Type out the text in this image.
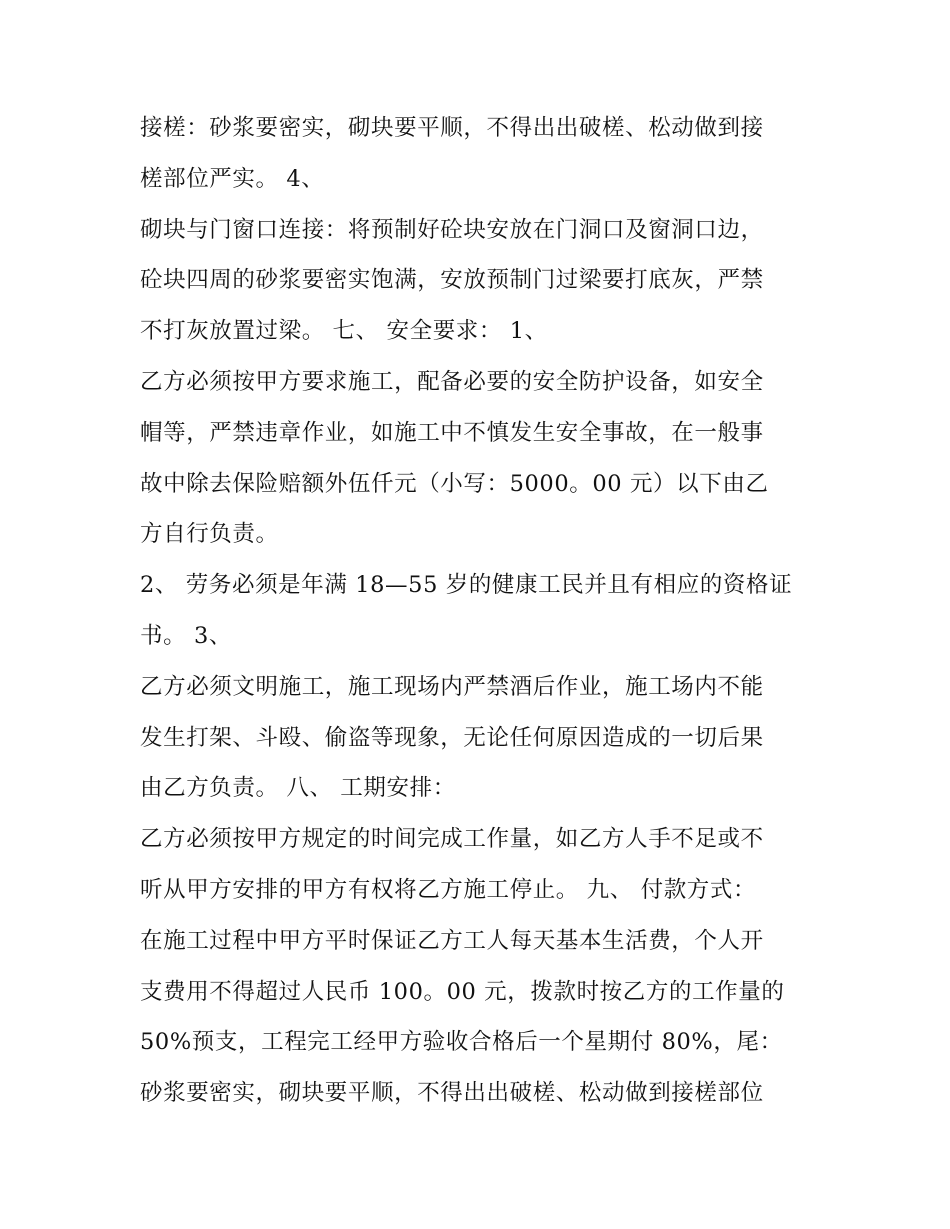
接槎：砂浆要密实，砌块要平顺，不得出出破槎、松动做到接
槎部位严实。 4、
砌块与门窗口连接：将预制好砼块安放在门洞口及窗洞口边，
砼块四周的砂浆要密实饱满，安放预制门过梁要打底灰，严禁
不打灰放置过梁。 七、 安全要求： 1、
乙方必须按甲方要求施工，配备必要的安全防护设备，如安全
帽等，严禁违章作业，如施工中不慎发生安全事故，在一般事
故中除去保险赔额外伍仟元（小写：5000。00 元）以下由乙
方自行负责。
2、 劳务必须是年满 18—55 岁的健康工民并且有相应的资格证
书。 3、
乙方必须文明施工，施工现场内严禁酒后作业，施工场内不能
发生打架、斗殴、偷盗等现象，无论任何原因造成的一切后果
由乙方负责。 八、 工期安排：
乙方必须按甲方规定的时间完成工作量，如乙方人手不足或不
听从甲方安排的甲方有权将乙方施工停止。 九、 付款方式：
在施工过程中甲方平时保证乙方工人每天基本生活费，个人开
支费用不得超过人民币 100。00 元，拨款时按乙方的工作量的
50%预支，工程完工经甲方验收合格后一个星期付 80%，尾：
砂浆要密实，砌块要平顺，不得出出破槎、松动做到接槎部位
